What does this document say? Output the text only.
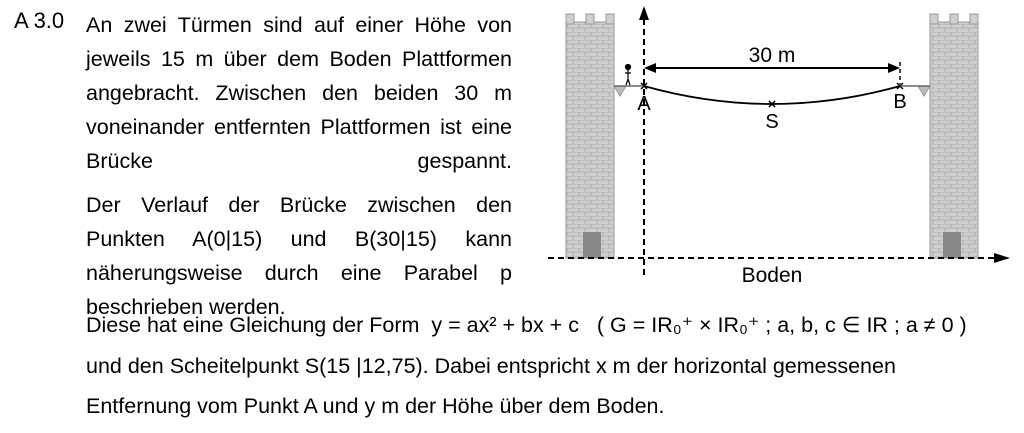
A 3.0 An zwei Türmen sind auf einer Höhe von jeweils 15 m über dem Boden Plattformen angebracht. Zwischen den beiden 30 m voneinander entfernten Plattformen ist eine Brücke gespannt.

Der Verlauf der Brücke zwischen den Punkten A(0|15) und B(30|15) kann näherungsweise durch eine Parabel p beschrieben werden.

Diese hat eine Gleichung der Form y = ax² + bx + c ( G = IR₀⁺ × IR₀⁺ ; a, b, c ∈ IR ; a ≠ 0 )
und den Scheitelpunkt S(15 |12,75). Dabei entspricht x m der horizontal gemessenen
Entfernung vom Punkt A und y m der Höhe über dem Boden.
30 m
A
S
B
Boden
